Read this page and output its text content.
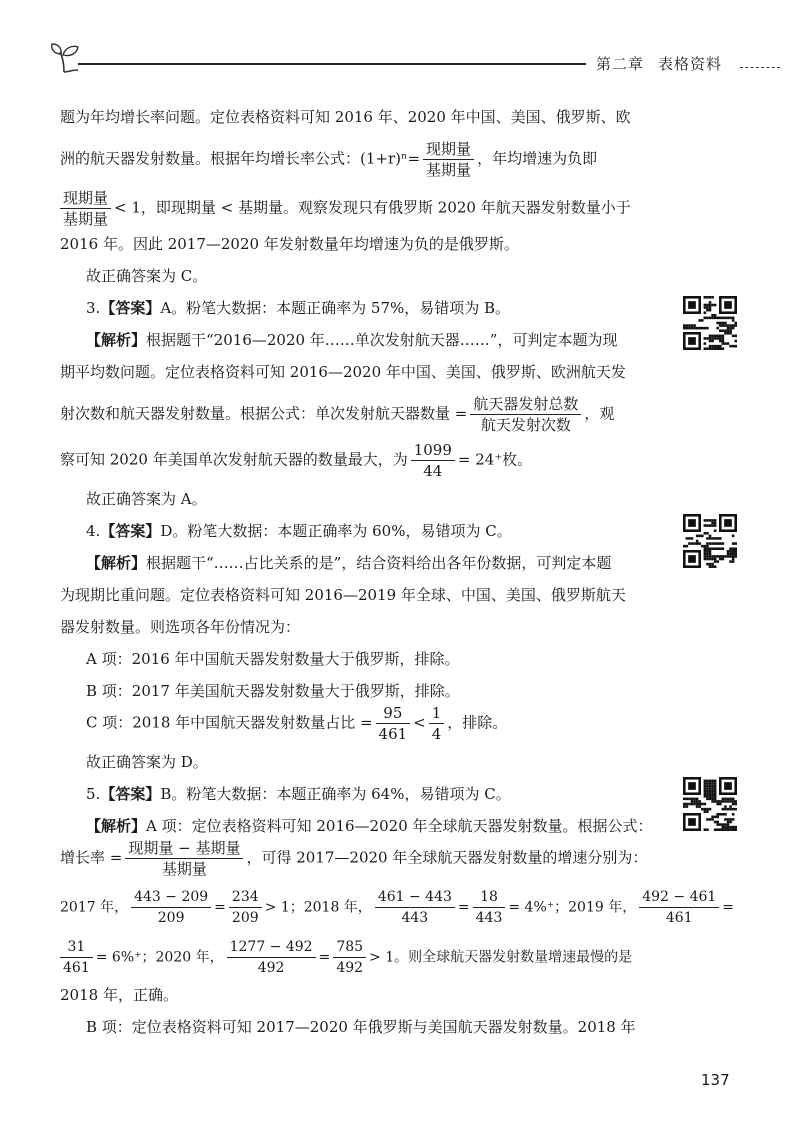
第二章 表格资料
题为年均增长率问题。定位表格资料可知 2016 年、2020 年中国、美国、俄罗斯、欧
洲的航天器发射数量。根据年均增长率公式：$(1+r)^n= \frac{\text{现期量}}{\text{基期量}}$ ，年均增速为负即
$\frac{\text{现期量}}{\text{基期量}} < 1$，即现期量 < 基期量。观察发现只有俄罗斯 2020 年航天器发射数量小于
2016 年。因此 2017—2020 年发射数量年均增速为负的是俄罗斯。
故正确答案为 C。
3.【答案】A。粉笔大数据：本题正确率为 57%，易错项为 B。
【解析】根据题干“2016—2020 年……单次发射航天器……”，可判定本题为现
期平均数问题。定位表格资料可知 2016—2020 年中国、美国、俄罗斯、欧洲航天发
射次数和航天器发射数量。根据公式：单次发射航天器数量 = $\frac{\text{航天器发射总数}}{\text{航天发射次数}}$ ，观
察可知 2020 年美国单次发射航天器的数量最大，为 $\frac{1099}{44} = 24^+$枚。
故正确答案为 A。
4.【答案】D。粉笔大数据：本题正确率为 60%，易错项为 C。
【解析】根据题干“……占比关系的是”，结合资料给出各年份数据，可判定本题
为现期比重问题。定位表格资料可知 2016—2019 年全球、中国、美国、俄罗斯航天
器发射数量。则选项各年份情况为：
A 项：2016 年中国航天器发射数量大于俄罗斯，排除。
B 项：2017 年美国航天器发射数量大于俄罗斯，排除。
C 项：2018 年中国航天器发射数量占比 = $\frac{95}{461} < \frac{1}{4}$ ，排除。
故正确答案为 D。
5.【答案】B。粉笔大数据：本题正确率为 64%，易错项为 C。
【解析】A 项：定位表格资料可知 2016—2020 年全球航天器发射数量。根据公式：
增长率 = $\frac{\text{现期量 − 基期量}}{\text{基期量}}$ ，可得 2017—2020 年全球航天器发射数量的增速分别为：
2017 年， $\frac{443 - 209}{209} = \frac{234}{209} > 1$；2018 年， $\frac{461 - 443}{443} = \frac{18}{443} = 4\%^+$；2019 年， $\frac{492 - 461}{461}$ =
$\frac{31}{461} = 6\%^+$；2020 年， $\frac{1277 - 492}{492} = \frac{785}{492} > 1$。则全球航天器发射数量增速最慢的是
2018 年，正确。
B 项：定位表格资料可知 2017—2020 年俄罗斯与美国航天器发射数量。2018 年
137
